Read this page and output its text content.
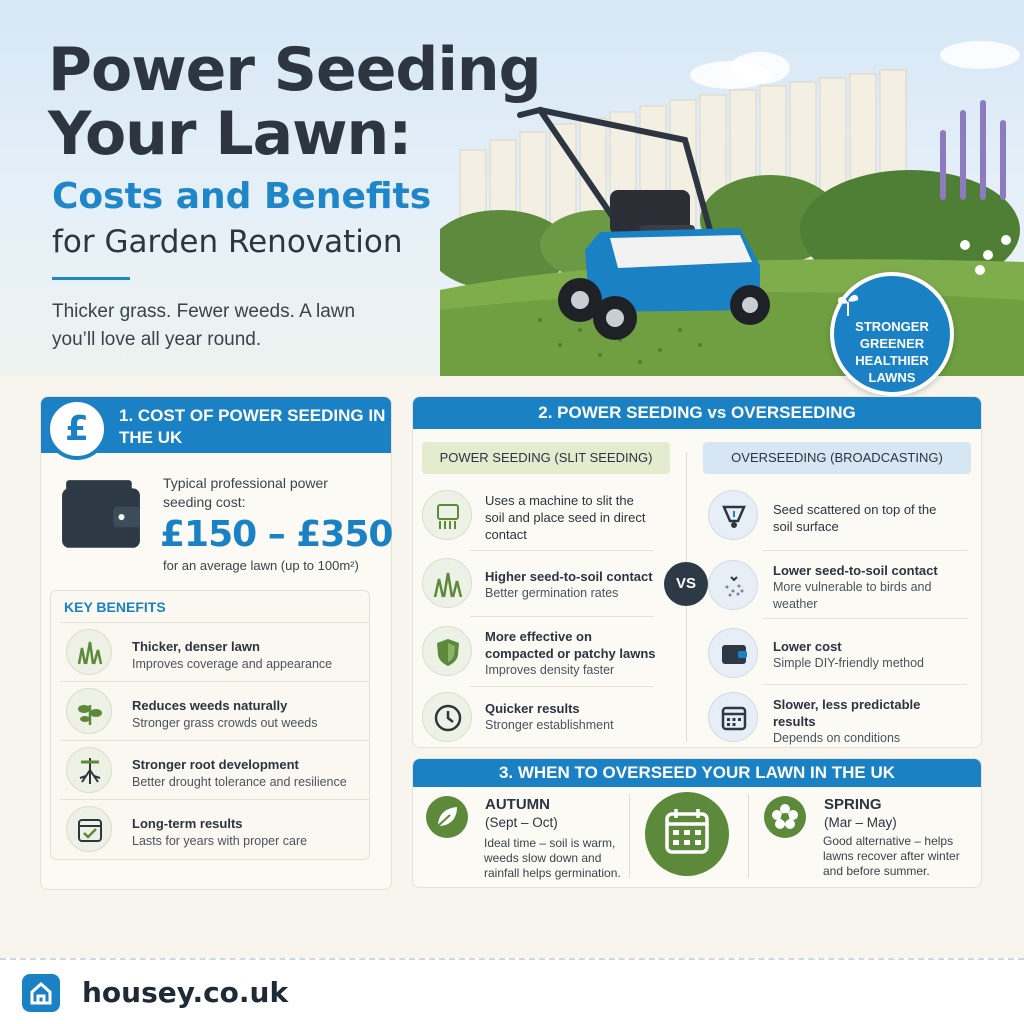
Power Seeding
Your Lawn:
Costs and Benefits
for Garden Renovation
Thicker grass. Fewer weeds. A lawn you’ll love all year round.
STRONGER
GREENER
HEALTHIER
LAWNS
1. COST OF POWER SEEDING IN THE UK
£
Typical professional power seeding cost:
£150 – £350
for an average lawn (up to 100m²)
KEY BENEFITS
Thicker, denser lawn
Improves coverage and appearance
Reduces weeds naturally
Stronger grass crowds out weeds
Stronger root development
Better drought tolerance and resilience
Long-term results
Lasts for years with proper care
2. POWER SEEDING vs OVERSEEDING
POWER SEEDING (SLIT SEEDING)	OVERSEEDING (BROADCASTING)
VS
Uses a machine to slit the soil and place seed in direct contact
Higher seed-to-soil contact
Better germination rates
More effective on compacted or patchy lawns
Improves density faster
Quicker results
Stronger establishment
Seed scattered on top of the soil surface
Lower seed-to-soil contact
More vulnerable to birds and weather
Lower cost
Simple DIY-friendly method
Slower, less predictable results
Depends on conditions
3. WHEN TO OVERSEED YOUR LAWN IN THE UK
AUTUMN
(Sept – Oct)
Ideal time – soil is warm, weeds slow down and rainfall helps germination.
SPRING
(Mar – May)
Good alternative – helps lawns recover after winter and before summer.
housey.co.uk
